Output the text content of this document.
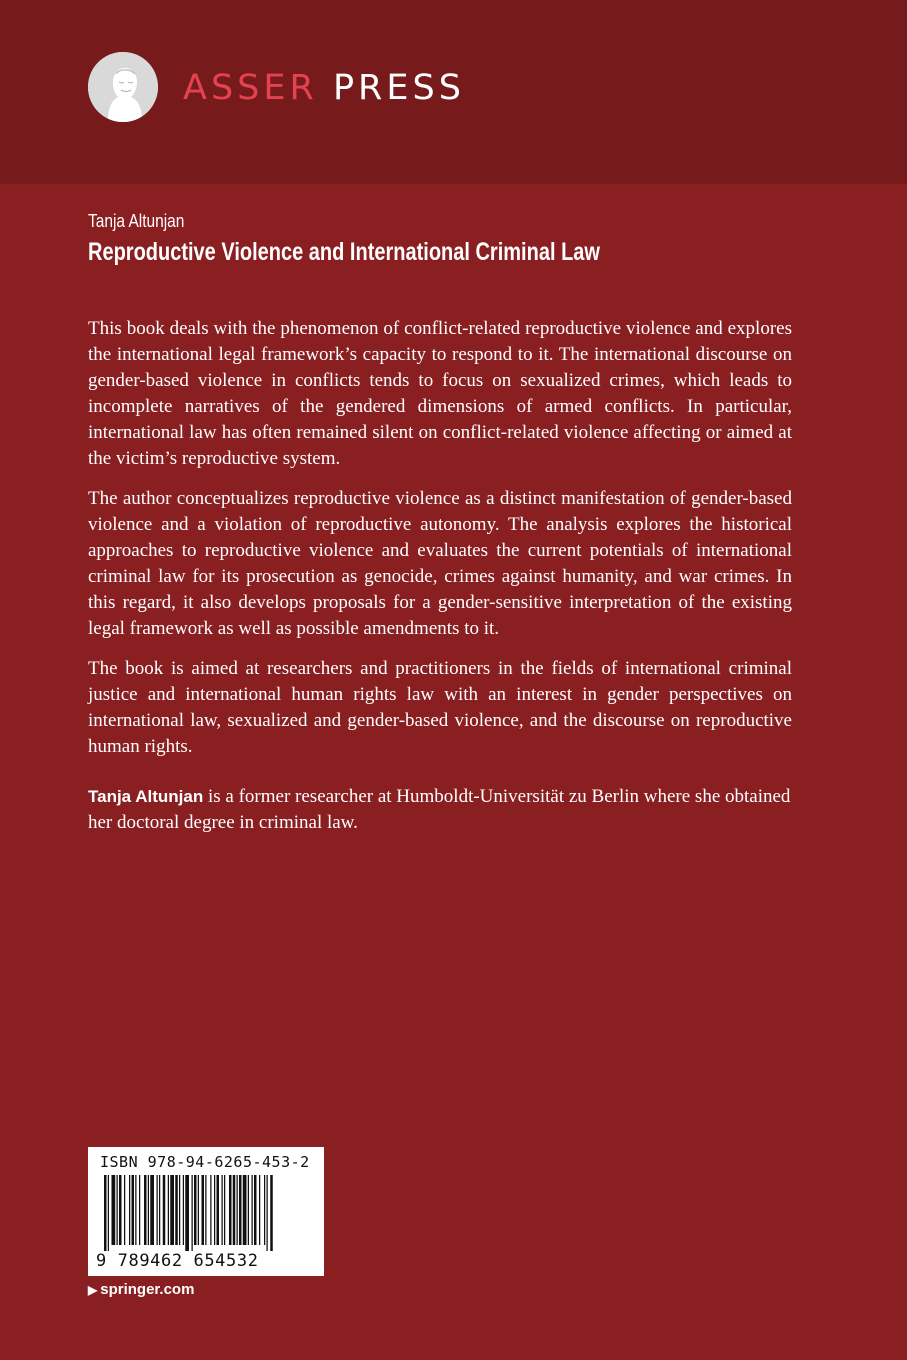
ASSER PRESS
Tanja Altunjan
Reproductive Violence and International Criminal Law

This book deals with the phenomenon of conflict-related reproductive violence and explores the international legal framework’s capacity to respond to it. The international discourse on gender-based violence in conflicts tends to focus on sexualized crimes, which leads to incomplete narratives of the gendered dimensions of armed conflicts. In particular, international law has often remained silent on conflict-related violence affecting or aimed at the victim’s reproductive system.

The author conceptualizes reproductive violence as a distinct manifestation of gender-based violence and a violation of reproductive autonomy. The analysis explores the historical approaches to reproductive violence and evaluates the current potentials of international criminal law for its prosecution as genocide, crimes against humanity, and war crimes. In this regard, it also develops proposals for a gender-sensitive interpretation of the existing legal framework as well as possible amendments to it.

The book is aimed at researchers and practitioners in the fields of international criminal justice and international human rights law with an interest in gender perspectives on international law, sexualized and gender-based violence, and the discourse on reproductive human rights.

Tanja Altunjan is a former researcher at Humboldt-Universität zu Berlin where she obtained her doctoral degree in criminal law.

ISBN 978-94-6265-453-2
9 789462 654532
▶ springer.com
